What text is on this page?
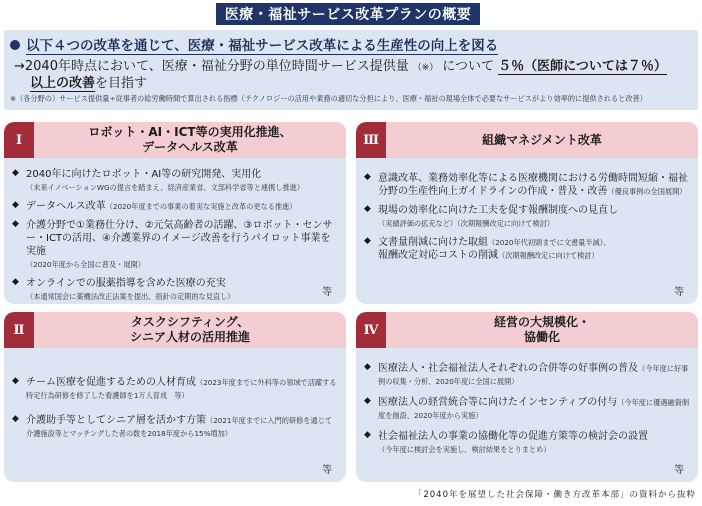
医療・福祉サービス改革プランの概要
以下４つの改革を通じて、医療・福祉サービス改革による生産性の向上を図る
→2040年時点において、医療・福祉分野の単位時間サービス提供量 （※） について ５％（医師については７％）
以上の改善を目指す
※（各分野の）サービス提供量÷従事者の総労働時間で算出される指標（テクノロジーの活用や業務の適切な分担により、医療・福祉の現場全体で必要なサービスがより効率的に提供されると改善）
Ⅰ
ロボット・AI・ICT等の実用化推進、
データヘルス改革
◆ 2040年に向けたロボット・AI等の研究開発、実用化
（未来イノベーションWGの提言を踏まえ、経済産業省、文部科学省等と連携し推進）
◆ データヘルス改革（2020年度までの事業の着実な実施と改革の更なる推進）
◆ 介護分野で①業務仕分け、②元気高齢者の活躍、③ロボット・センサー・ICTの活用、④介護業界のイメージ改善を行うパイロット事業を実施
（2020年度から全国に普及・展開）
◆ オンラインでの服薬指導を含めた医療の充実
（本通常国会に薬機法改正法案を提出、指針の定期的な見直し）	等
Ⅲ	組織マネジメント改革
◆ 意識改革、業務効率化等による医療機関における労働時間短縮・福祉分野の生産性向上ガイドラインの作成・普及・改善（優良事例の全国展開）
◆ 現場の効率化に向けた工夫を促す報酬制度への見直し
（実績評価の拡充など）（次期報酬改定に向けて検討）
◆ 文書量削減に向けた取組（2020年代初頭までに文書量半減）、
報酬改定対応コストの削減（次期報酬改定に向けて検討）
等
Ⅱ
タスクシフティング、
シニア人材の活用推進
◆ チーム医療を促進するための人材育成（2023年度までに外科等の領域で活躍する特定行為研修を修了した看護師を1万人育成　等）
◆ 介護助手等としてシニア層を活かす方策（2021年度までに入門的研修を通じて介護施設等とマッチングした者の数を2018年度から15%増加）
等
Ⅳ
経営の大規模化・
協働化
◆ 医療法人・社会福祉法人それぞれの合併等の好事例の普及（今年度に好事例の収集・分析、2020年度に全国に展開）
◆ 医療法人の経営統合等に向けたインセンティブの付与（今年度に優遇融資制度を創設、2020年度から実施）
◆ 社会福祉法人の事業の協働化等の促進方策等の検討会の設置
（今年度に検討会を実施し、検討結果をとりまとめ）
等
「2040年を展望した社会保障・働き方改革本部」の資料から抜粋
